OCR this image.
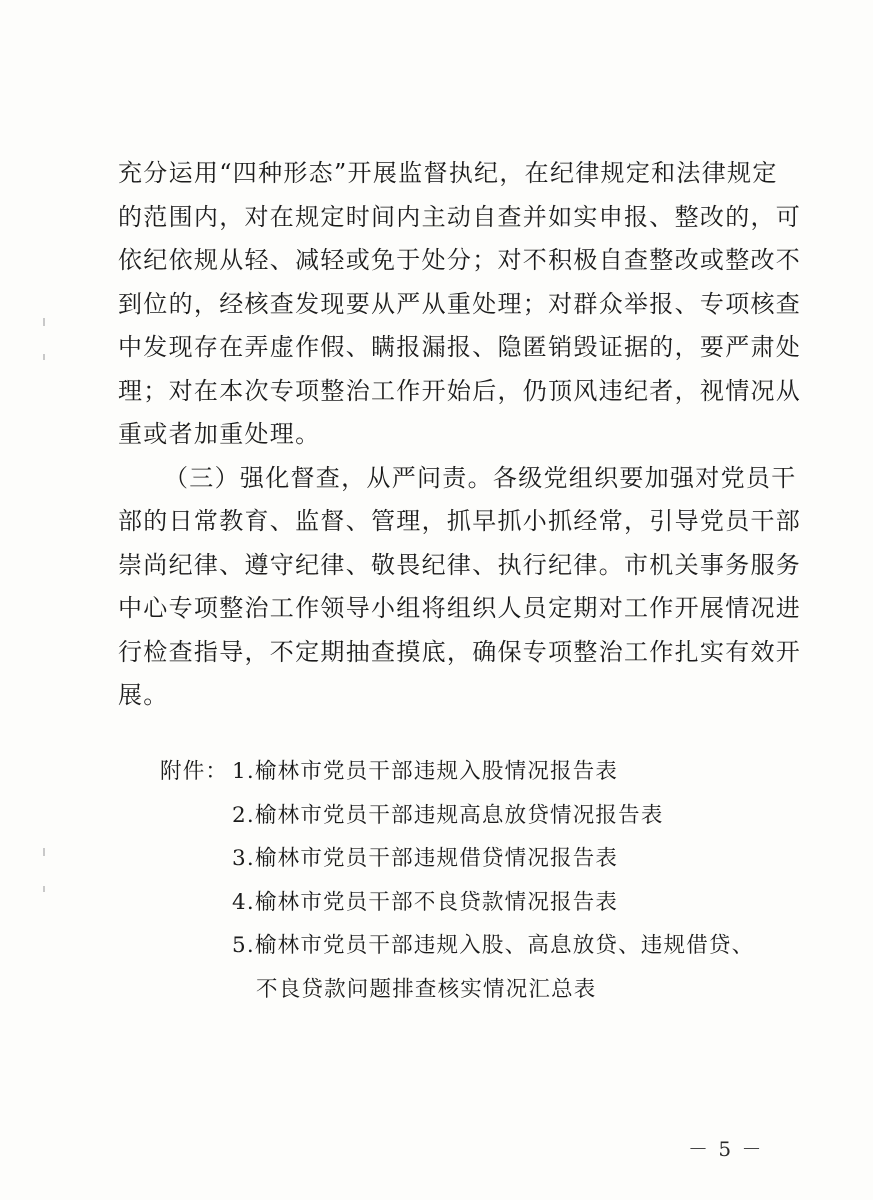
充分运用“四种形态”开展监督执纪，在纪律规定和法律规定
的范围内，对在规定时间内主动自查并如实申报、整改的，可
依纪依规从轻、减轻或免于处分；对不积极自查整改或整改不
到位的，经核查发现要从严从重处理；对群众举报、专项核查
中发现存在弄虚作假、瞒报漏报、隐匿销毁证据的，要严肃处
理；对在本次专项整治工作开始后，仍顶风违纪者，视情况从
重或者加重处理。
（三）强化督查，从严问责。各级党组织要加强对党员干
部的日常教育、监督、管理，抓早抓小抓经常，引导党员干部
崇尚纪律、遵守纪律、敬畏纪律、执行纪律。市机关事务服务
中心专项整治工作领导小组将组织人员定期对工作开展情况进
行检查指导，不定期抽查摸底，确保专项整治工作扎实有效开
展。
附件： 1.榆林市党员干部违规入股情况报告表
2.榆林市党员干部违规高息放贷情况报告表
3.榆林市党员干部违规借贷情况报告表
4.榆林市党员干部不良贷款情况报告表
5.榆林市党员干部违规入股、高息放贷、违规借贷、
不良贷款问题排查核实情况汇总表
－ 5 －
